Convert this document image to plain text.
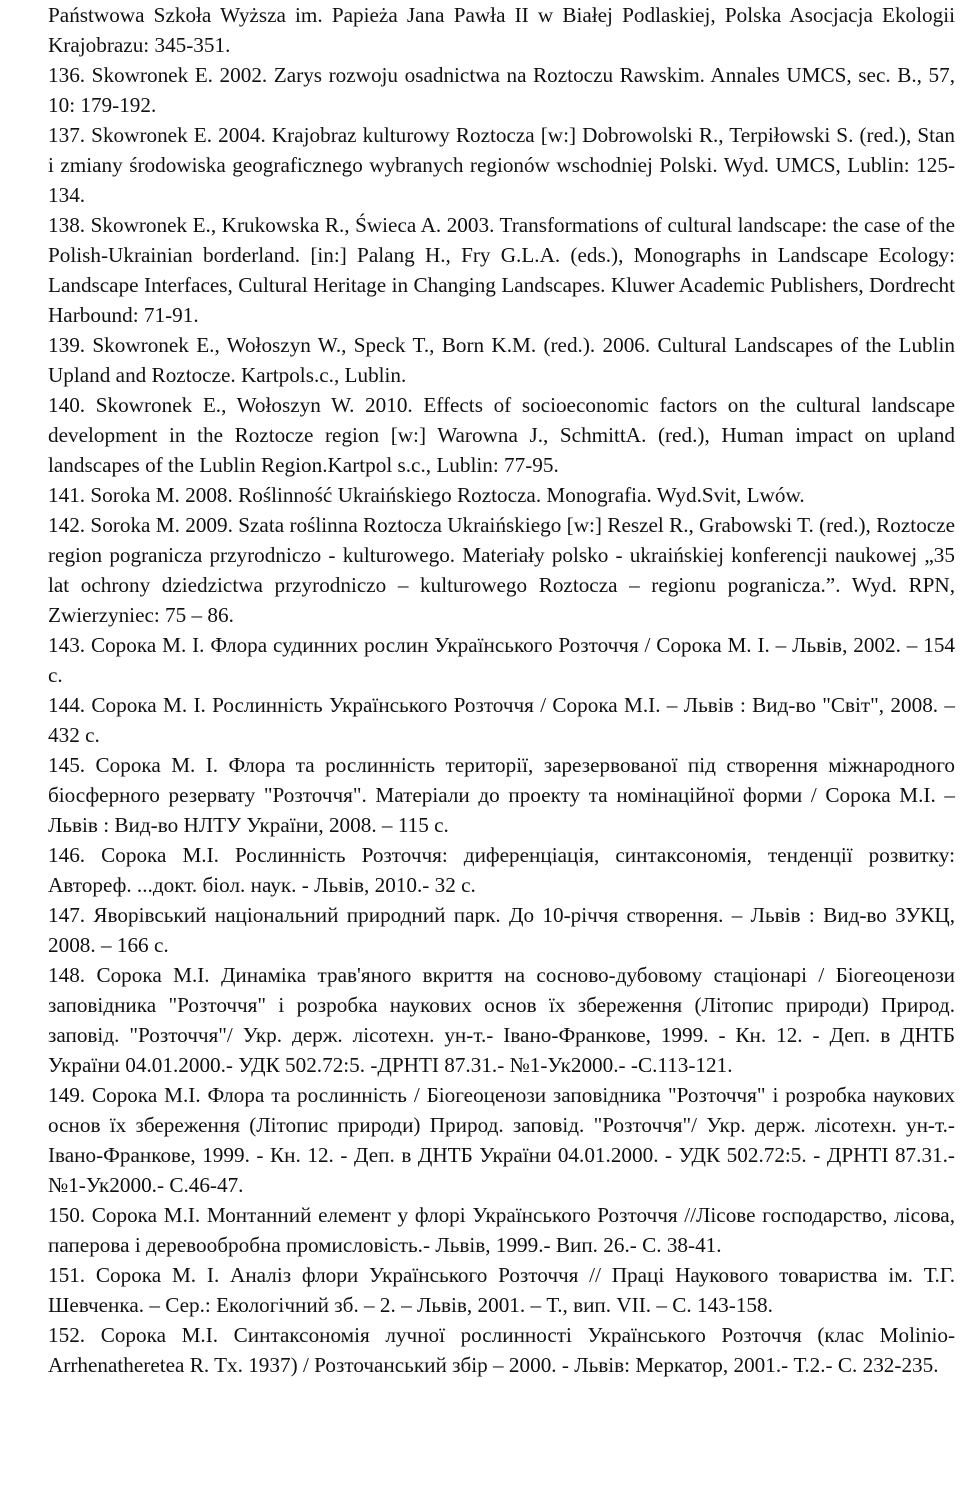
Państwowa Szkoła Wyższa im. Papieża Jana Pawła II w Białej Podlaskiej, Polska Asocjacja Ekologii Krajobrazu: 345-351.

136. Skowronek E. 2002. Zarys rozwoju osadnictwa na Roztoczu Rawskim. Annales UMCS, sec. B., 57, 10: 179-192.

137. Skowronek E. 2004. Krajobraz kulturowy Roztocza [w:] Dobrowolski R., Terpiłowski S. (red.), Stan i zmiany środowiska geograficznego wybranych regionów wschodniej Polski. Wyd. UMCS, Lublin: 125-134.

138. Skowronek E., Krukowska R., Świeca A. 2003. Transformations of cultural landscape: the case of the Polish-Ukrainian borderland. [in:] Palang H., Fry G.L.A. (eds.), Monographs in Landscape Ecology: Landscape Interfaces, Cultural Heritage in Changing Landscapes. Kluwer Academic Publishers, Dordrecht Harbound: 71-91.

139. Skowronek E., Wołoszyn W., Speck T., Born K.M. (red.). 2006. Cultural Landscapes of the Lublin Upland and Roztocze. Kartpols.c., Lublin.

140. Skowronek E., Wołoszyn W. 2010. Effects of socioeconomic factors on the cultural landscape development in the Roztocze region [w:] Warowna J., SchmittA. (red.), Human impact on upland landscapes of the Lublin Region.Kartpol s.c., Lublin: 77-95.

141. Soroka M. 2008. Roślinność Ukraińskiego Roztocza. Monografia. Wyd.Svit, Lwów.

142. Soroka M. 2009. Szata roślinna Roztocza Ukraińskiego [w:] Reszel R., Grabowski T. (red.), Roztocze region pogranicza przyrodniczo - kulturowego. Materiały polsko - ukraińskiej konferencji naukowej „35 lat ochrony dziedzictwa przyrodniczo – kulturowego Roztocza – regionu pogranicza.”. Wyd. RPN, Zwierzyniec: 75 – 86.

143. Сорока М. І. Флора судинних рослин Українського Розточчя / Сорока М. І. – Львів, 2002. – 154 с.

144. Сорока М. І. Рослинність Українського Розточчя / Сорока М.І. – Львів : Вид-во "Світ", 2008. – 432 с.

145. Сорока М. І. Флора та рослинність території, зарезервованої під створення міжнародного біосферного резервату "Розточчя". Матеріали до проекту та номінаційної форми / Сорока М.І. – Львів : Вид-во НЛТУ України, 2008. – 115 с.

146. Сорока М.І. Рослинність Розточчя: диференціація, синтаксономія, тенденції розвитку: Автореф. ...докт. біол. наук. - Львів, 2010.- 32 с.

147. Яворівський національний природний парк. До 10-річчя створення. – Львів : Вид-во ЗУКЦ, 2008. – 166 с.

148. Сорока М.І. Динаміка трав'яного вкриття на сосново-дубовому стаціонарі / Біогеоценози заповідника "Розточчя" і розробка наукових основ їх збереження (Літопис природи) Природ. заповід. "Розточчя"/ Укр. держ. лісотехн. ун-т.- Івано-Франкове, 1999. - Кн. 12. - Деп. в ДНТБ України 04.01.2000.- УДК 502.72:5. -ДРНТІ 87.31.- №1-Ук2000.- -С.113-121.

149. Сорока М.І. Флора та рослинність / Біогеоценози заповідника "Розточчя" і розробка наукових основ їх збереження (Літопис природи) Природ. заповід. "Розточчя"/ Укр. держ. лісотехн. ун-т.- Івано-Франкове, 1999. - Кн. 12. - Деп. в ДНТБ України 04.01.2000. - УДК 502.72:5. - ДРНТІ 87.31.-№1-Ук2000.- С.46-47.

150. Сорока М.І. Монтанний елемент у флорі Українського Розточчя //Лісове господарство, лісова, паперова і деревообробна промисловість.- Львів, 1999.- Вип. 26.- С. 38-41.

151. Сорока М. І. Аналіз флори Українського Розточчя // Праці Наукового товариства ім. Т.Г. Шевченка. – Сер.: Екологічний зб. – 2. – Львів, 2001. – Т., вип. VII. – С. 143-158.

152. Сорока М.І. Синтаксономія лучної рослинності Українського Розточчя (клас Molinio-Arrhenatheretea R. Tx. 1937) / Розточанський збір – 2000. - Львів: Меркатор, 2001.- Т.2.- С. 232-235.
